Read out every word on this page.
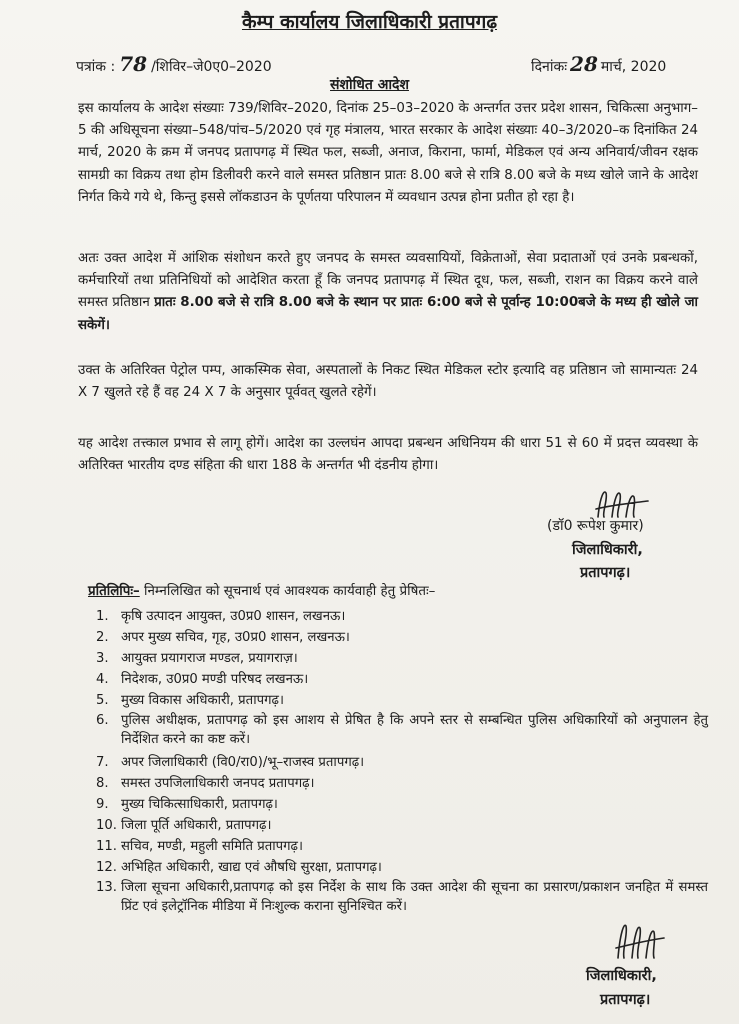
कैम्प कार्यालय जिलाधिकारी प्रतापगढ़
पत्रांक : 78 /शिविर–जे0ए0–2020	दिनांकः 28 मार्च, 2020
संशोधित आदेश
इस कार्यालय के आदेश संख्याः 739/शिविर–2020, दिनांक 25–03–2020 के अन्तर्गत उत्तर प्रदेश शासन, चिकित्सा अनुभाग–5 की अधिसूचना संख्या–548/पांच–5/2020 एवं गृह मंत्रालय, भारत सरकार के आदेश संख्याः 40–3/2020–क दिनांकित 24 मार्च, 2020 के क्रम में जनपद प्रतापगढ़ में स्थित फल, सब्जी, अनाज, किराना, फार्मा, मेडिकल एवं अन्य अनिवार्य/जीवन रक्षक सामग्री का विक्रय तथा होम डिलीवरी करने वाले समस्त प्रतिष्ठान प्रातः 8.00 बजे से रात्रि 8.00 बजे के मध्य खोले जाने के आदेश निर्गत किये गये थे, किन्तु इससे लॉकडाउन के पूर्णतया परिपालन में व्यवधान उत्पन्न होना प्रतीत हो रहा है।
अतः उक्त आदेश में आंशिक संशोधन करते हुए जनपद के समस्त व्यवसायियों, विक्रेताओं, सेवा प्रदाताओं एवं उनके प्रबन्धकों, कर्मचारियों तथा प्रतिनिधियों को आदेशित करता हूँ कि जनपद प्रतापगढ़ में स्थित दूध, फल, सब्जी, राशन का विक्रय करने वाले समस्त प्रतिष्ठान प्रातः 8.00 बजे से रात्रि 8.00 बजे के स्थान पर प्रातः 6:00 बजे से पूर्वान्ह 10:00बजे के मध्य ही खोले जा सकेगें।
उक्त के अतिरिक्त पेट्रोल पम्प, आकस्मिक सेवा, अस्पतालों के निकट स्थित मेडिकल स्टोर इत्यादि वह प्रतिष्ठान जो सामान्यतः 24 X 7 खुलते रहे हैं वह 24 X 7 के अनुसार पूर्ववत् खुलते रहेगें।
यह आदेश तत्त्काल प्रभाव से लागू होगें। आदेश का उल्लघंन आपदा प्रबन्धन अधिनियम की धारा 51 से 60 में प्रदत्त व्यवस्था के अतिरिक्त भारतीय दण्ड संहिता की धारा 188 के अन्तर्गत भी दंडनीय होगा।
(डॉ0 रूपेश कुमार)
जिलाधिकारी,
प्रतापगढ़।
प्रतिलिपिः– निम्नलिखित को सूचनार्थ एवं आवश्यक कार्यवाही हेतु प्रेषितः–
1. कृषि उत्पादन आयुक्त, उ0प्र0 शासन, लखनऊ।
2. अपर मुख्य सचिव, गृह, उ0प्र0 शासन, लखनऊ।
3. आयुक्त प्रयागराज मण्डल, प्रयागराज़।
4. निदेशक, उ0प्र0 मण्डी परिषद लखनऊ।
5. मुख्य विकास अधिकारी, प्रतापगढ़।
6. पुलिस अधीक्षक, प्रतापगढ़ को इस आशय से प्रेषित है कि अपने स्तर से सम्बन्धित पुलिस अधिकारियों को अनुपालन हेतु निर्देशित करने का कष्ट करें।
7. अपर जिलाधिकारी (वि0/रा0)/भू–राजस्व प्रतापगढ़।
8. समस्त उपजिलाधिकारी जनपद प्रतापगढ़।
9. मुख्य चिकित्साधिकारी, प्रतापगढ़।
10. जिला पूर्ति अधिकारी, प्रतापगढ़।
11. सचिव, मण्डी, महुली समिति प्रतापगढ़।
12. अभिहित अधिकारी, खाद्य एवं औषधि सुरक्षा, प्रतापगढ़।
13. जिला सूचना अधिकारी,प्रतापगढ़ को इस निर्देश के साथ कि उक्त आदेश की सूचना का प्रसारण/प्रकाशन जनहित में समस्त प्रिंट एवं इलेट्रॉनिक मीडिया में निःशुल्क कराना सुनिश्चित करें।
जिलाधिकारी,
प्रतापगढ़।
